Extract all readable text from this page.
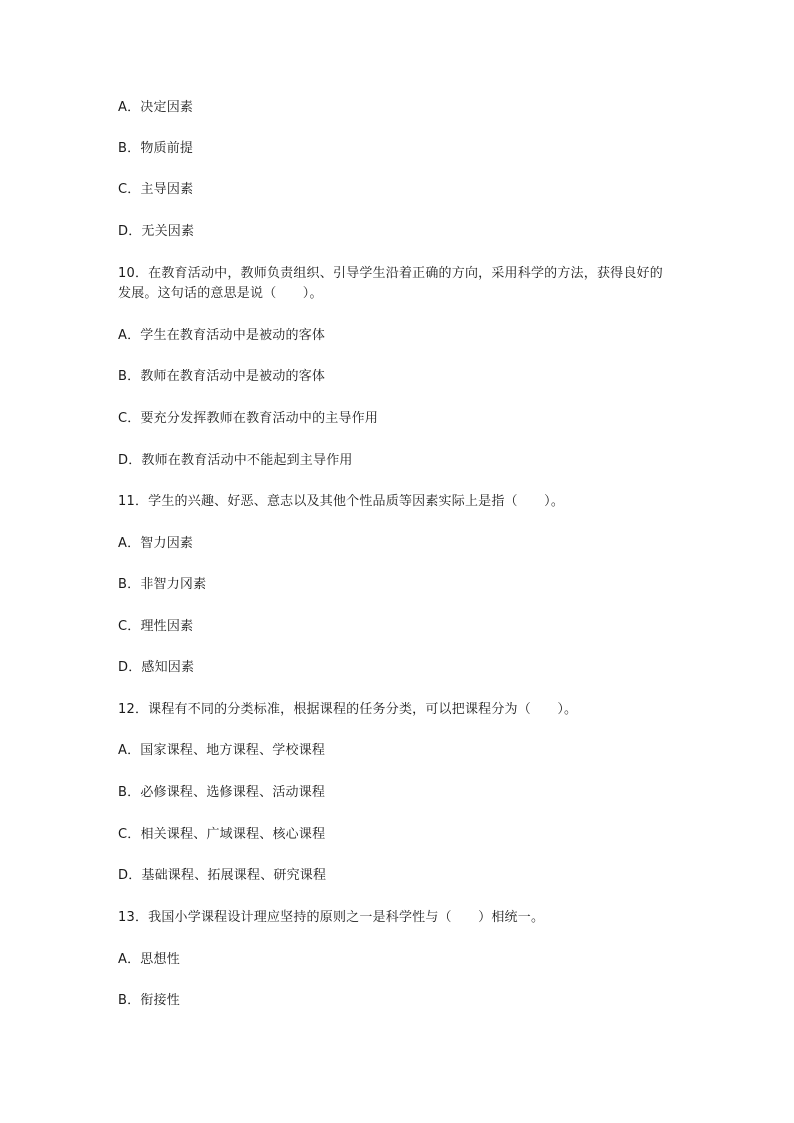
A．决定因素
B．物质前提
C．主导因素
D．无关因素
10．在教育活动中，教师负责组织、引导学生沿着正确的方向，采用科学的方法，获得良好的发展。这句话的意思是说（　　）。
A．学生在教育活动中是被动的客体
B．教师在教育活动中是被动的客体
C．要充分发挥教师在教育活动中的主导作用
D．教师在教育活动中不能起到主导作用
11．学生的兴趣、好恶、意志以及其他个性品质等因素实际上是指（　　）。
A．智力因素
B．非智力冈素
C．理性因素
D．感知因素
12．课程有不同的分类标准，根据课程的任务分类，可以把课程分为（　　）。
A．国家课程、地方课程、学校课程
B．必修课程、选修课程、活动课程
C．相关课程、广域课程、核心课程
D．基础课程、拓展课程、研究课程
13．我国小学课程设计理应坚持的原则之一是科学性与（　　）相统一。
A．思想性
B．衔接性
